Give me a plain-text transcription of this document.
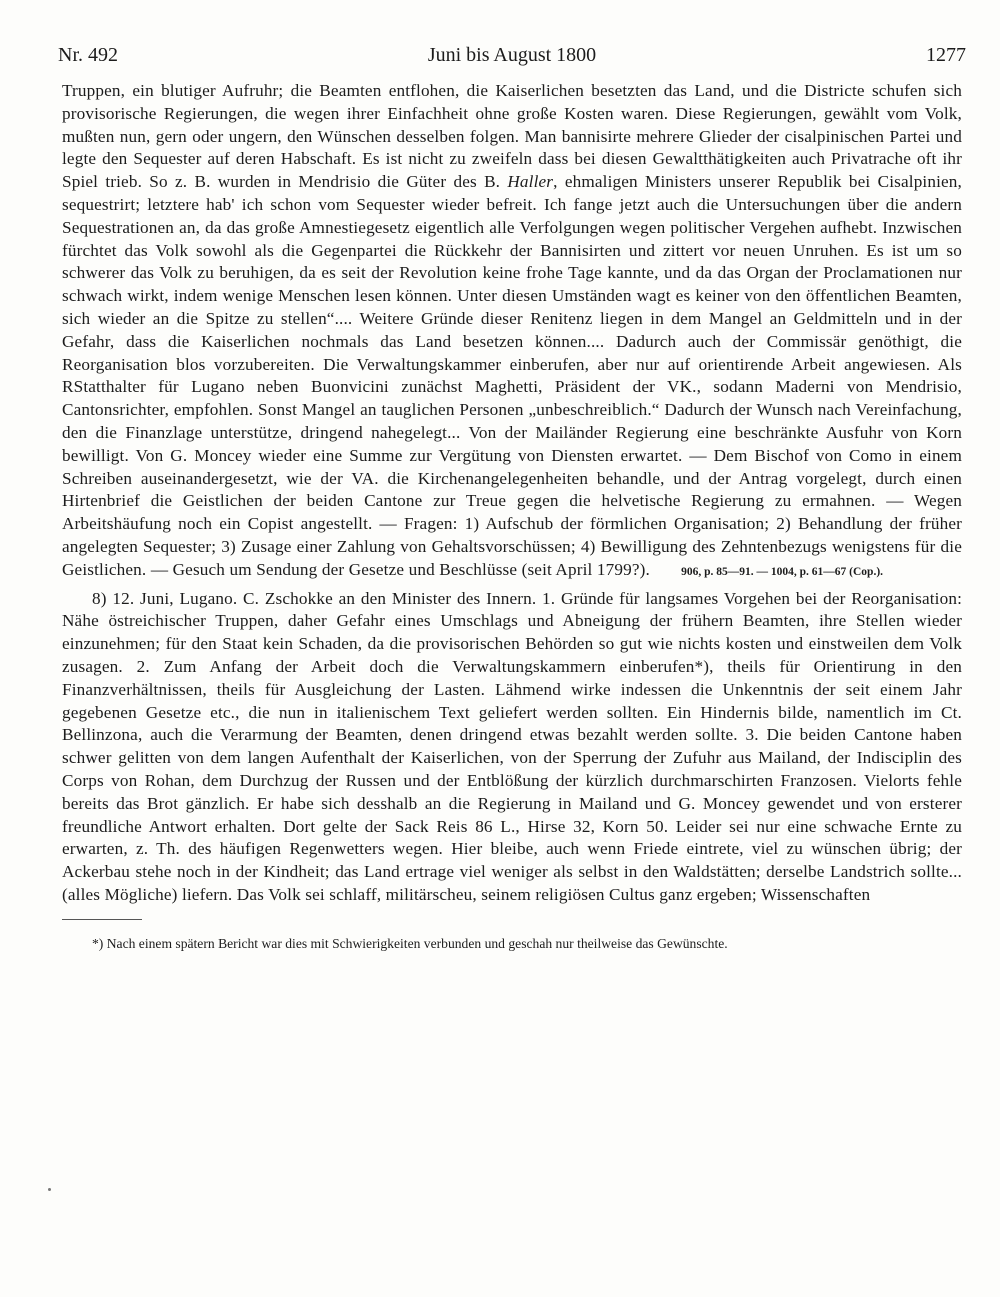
Nr. 492	Juni bis August 1800	1277

Truppen, ein blutiger Aufruhr; die Beamten entflohen, die Kaiserlichen besetzten das Land, und die Districte schufen sich provisorische Regierungen, die wegen ihrer Einfachheit ohne große Kosten waren. Diese Regierungen, gewählt vom Volk, mußten nun, gern oder ungern, den Wünschen desselben folgen. Man bannisirte mehrere Glieder der cisalpinischen Partei und legte den Sequester auf deren Habschaft. Es ist nicht zu zweifeln dass bei diesen Gewaltthätigkeiten auch Privatrache oft ihr Spiel trieb. So z. B. wurden in Mendrisio die Güter des B. Haller, ehmaligen Ministers unserer Republik bei Cisalpinien, sequestrirt; letztere hab' ich schon vom Sequester wieder befreit. Ich fange jetzt auch die Untersuchungen über die andern Sequestrationen an, da das große Amnestiegesetz eigentlich alle Verfolgungen wegen politischer Vergehen aufhebt. Inzwischen fürchtet das Volk sowohl als die Gegenpartei die Rückkehr der Bannisirten und zittert vor neuen Unruhen. Es ist um so schwerer das Volk zu beruhigen, da es seit der Revolution keine frohe Tage kannte, und da das Organ der Proclamationen nur schwach wirkt, indem wenige Menschen lesen können. Unter diesen Umständen wagt es keiner von den öffentlichen Beamten, sich wieder an die Spitze zu stellen“.... Weitere Gründe dieser Renitenz liegen in dem Mangel an Geldmitteln und in der Gefahr, dass die Kaiserlichen nochmals das Land besetzen können.... Dadurch auch der Commissär genöthigt, die Reorganisation blos vorzubereiten. Die Verwaltungskammer einberufen, aber nur auf orientirende Arbeit angewiesen. Als RStatthalter für Lugano neben Buonvicini zunächst Maghetti, Präsident der VK., sodann Maderni von Mendrisio, Cantonsrichter, empfohlen. Sonst Mangel an tauglichen Personen „unbeschreiblich.“ Dadurch der Wunsch nach Vereinfachung, den die Finanzlage unterstütze, dringend nahegelegt... Von der Mailänder Regierung eine beschränkte Ausfuhr von Korn bewilligt. Von G. Moncey wieder eine Summe zur Vergütung von Diensten erwartet. — Dem Bischof von Como in einem Schreiben auseinandergesetzt, wie der VA. die Kirchenangelegenheiten behandle, und der Antrag vorgelegt, durch einen Hirtenbrief die Geistlichen der beiden Cantone zur Treue gegen die helvetische Regierung zu ermahnen. — Wegen Arbeitshäufung noch ein Copist angestellt. — Fragen: 1) Aufschub der förmlichen Organisation; 2) Behandlung der früher angelegten Sequester; 3) Zusage einer Zahlung von Gehaltsvorschüssen; 4) Bewilligung des Zehntenbezugs wenigstens für die Geistlichen. — Gesuch um Sendung der Gesetze und Beschlüsse (seit April 1799?).	906, p. 85—91. — 1004, p. 61—67 (Cop.).

8) 12. Juni, Lugano. C. Zschokke an den Minister des Innern. 1. Gründe für langsames Vorgehen bei der Reorganisation: Nähe östreichischer Truppen, daher Gefahr eines Umschlags und Abneigung der frühern Beamten, ihre Stellen wieder einzunehmen; für den Staat kein Schaden, da die provisorischen Behörden so gut wie nichts kosten und einstweilen dem Volk zusagen. 2. Zum Anfang der Arbeit doch die Verwaltungskammern einberufen*), theils für Orientirung in den Finanzverhältnissen, theils für Ausgleichung der Lasten. Lähmend wirke indessen die Unkenntnis der seit einem Jahr gegebenen Gesetze etc., die nun in italienischem Text geliefert werden sollten. Ein Hindernis bilde, namentlich im Ct. Bellinzona, auch die Verarmung der Beamten, denen dringend etwas bezahlt werden sollte. 3. Die beiden Cantone haben schwer gelitten von dem langen Aufenthalt der Kaiserlichen, von der Sperrung der Zufuhr aus Mailand, der Indisciplin des Corps von Rohan, dem Durchzug der Russen und der Entblößung der kürzlich durchmarschirten Franzosen. Vielorts fehle bereits das Brot gänzlich. Er habe sich desshalb an die Regierung in Mailand und G. Moncey gewendet und von ersterer freundliche Antwort erhalten. Dort gelte der Sack Reis 86 L., Hirse 32, Korn 50. Leider sei nur eine schwache Ernte zu erwarten, z. Th. des häufigen Regenwetters wegen. Hier bleibe, auch wenn Friede eintrete, viel zu wünschen übrig; der Ackerbau stehe noch in der Kindheit; das Land ertrage viel weniger als selbst in den Waldstätten; derselbe Landstrich sollte... (alles Mögliche) liefern. Das Volk sei schlaff, militärscheu, seinem religiösen Cultus ganz ergeben; Wissenschaften

*) Nach einem spätern Bericht war dies mit Schwierigkeiten verbunden und geschah nur theilweise das Gewünschte.
